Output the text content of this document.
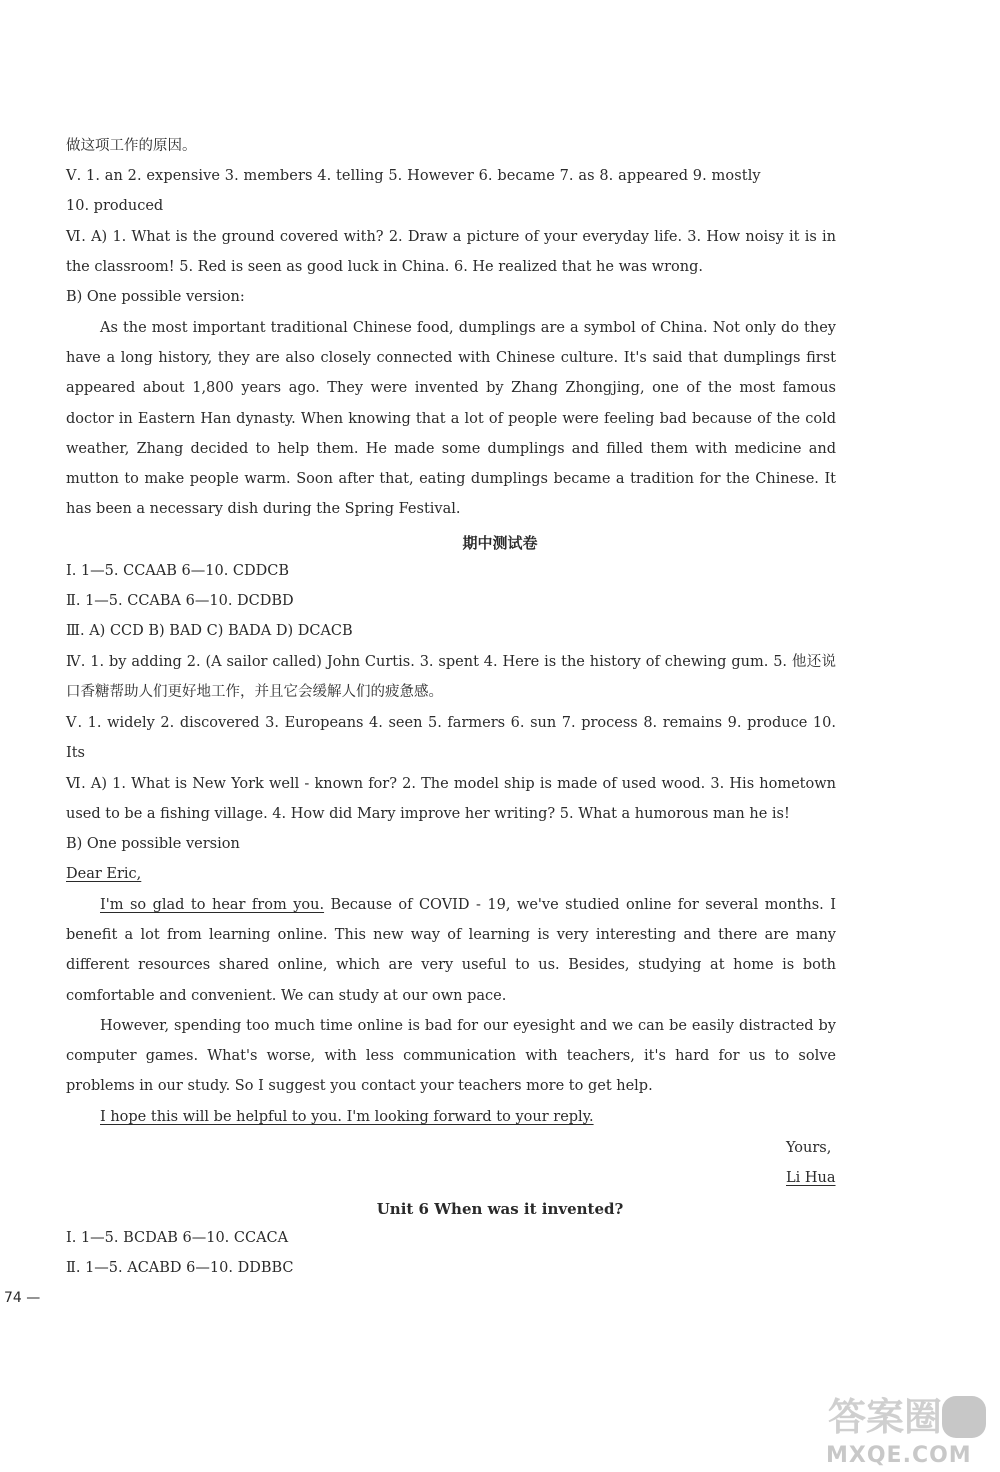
做这项工作的原因。
Ⅴ. 1. an 2. expensive 3. members 4. telling 5. However 6. became 7. as 8. appeared 9. mostly
10. produced
Ⅵ. A) 1. What is the ground covered with? 2. Draw a picture of your everyday life. 3. How noisy it is in the classroom! 5. Red is seen as good luck in China. 6. He realized that he was wrong.
B) One possible version:
As the most important traditional Chinese food, dumplings are a symbol of China. Not only do they have a long history, they are also closely connected with Chinese culture. It's said that dumplings first appeared about 1,800 years ago. They were invented by Zhang Zhongjing, one of the most famous doctor in Eastern Han dynasty. When knowing that a lot of people were feeling bad because of the cold weather, Zhang decided to help them. He made some dumplings and filled them with medicine and mutton to make people warm. Soon after that, eating dumplings became a tradition for the Chinese. It has been a necessary dish during the Spring Festival.
期中测试卷
Ⅰ. 1—5. CCAAB 6—10. CDDCB
Ⅱ. 1—5. CCABA 6—10. DCDBD
Ⅲ. A) CCD B) BAD C) BADA D) DCACB
Ⅳ. 1. by adding 2. (A sailor called) John Curtis. 3. spent 4. Here is the history of chewing gum. 5. 他还说口香糖帮助人们更好地工作，并且它会缓解人们的疲惫感。
Ⅴ. 1. widely 2. discovered 3. Europeans 4. seen 5. farmers 6. sun 7. process 8. remains 9. produce 10. Its
Ⅵ. A) 1. What is New York well - known for? 2. The model ship is made of used wood. 3. His hometown used to be a fishing village. 4. How did Mary improve her writing? 5. What a humorous man he is!
B) One possible version
Dear Eric,
I'm so glad to hear from you. Because of COVID - 19, we've studied online for several months. I benefit a lot from learning online. This new way of learning is very interesting and there are many different resources shared online, which are very useful to us. Besides, studying at home is both comfortable and convenient. We can study at our own pace.
However, spending too much time online is bad for our eyesight and we can be easily distracted by computer games. What's worse, with less communication with teachers, it's hard for us to solve problems in our study. So I suggest you contact your teachers more to get help.
I hope this will be helpful to you. I'm looking forward to your reply.
Yours,
Li Hua
Unit 6 When was it invented?
Ⅰ. 1—5. BCDAB 6—10. CCACA
Ⅱ. 1—5. ACABD 6—10. DDBBC
74 —
答案圈
MXQE.COM
